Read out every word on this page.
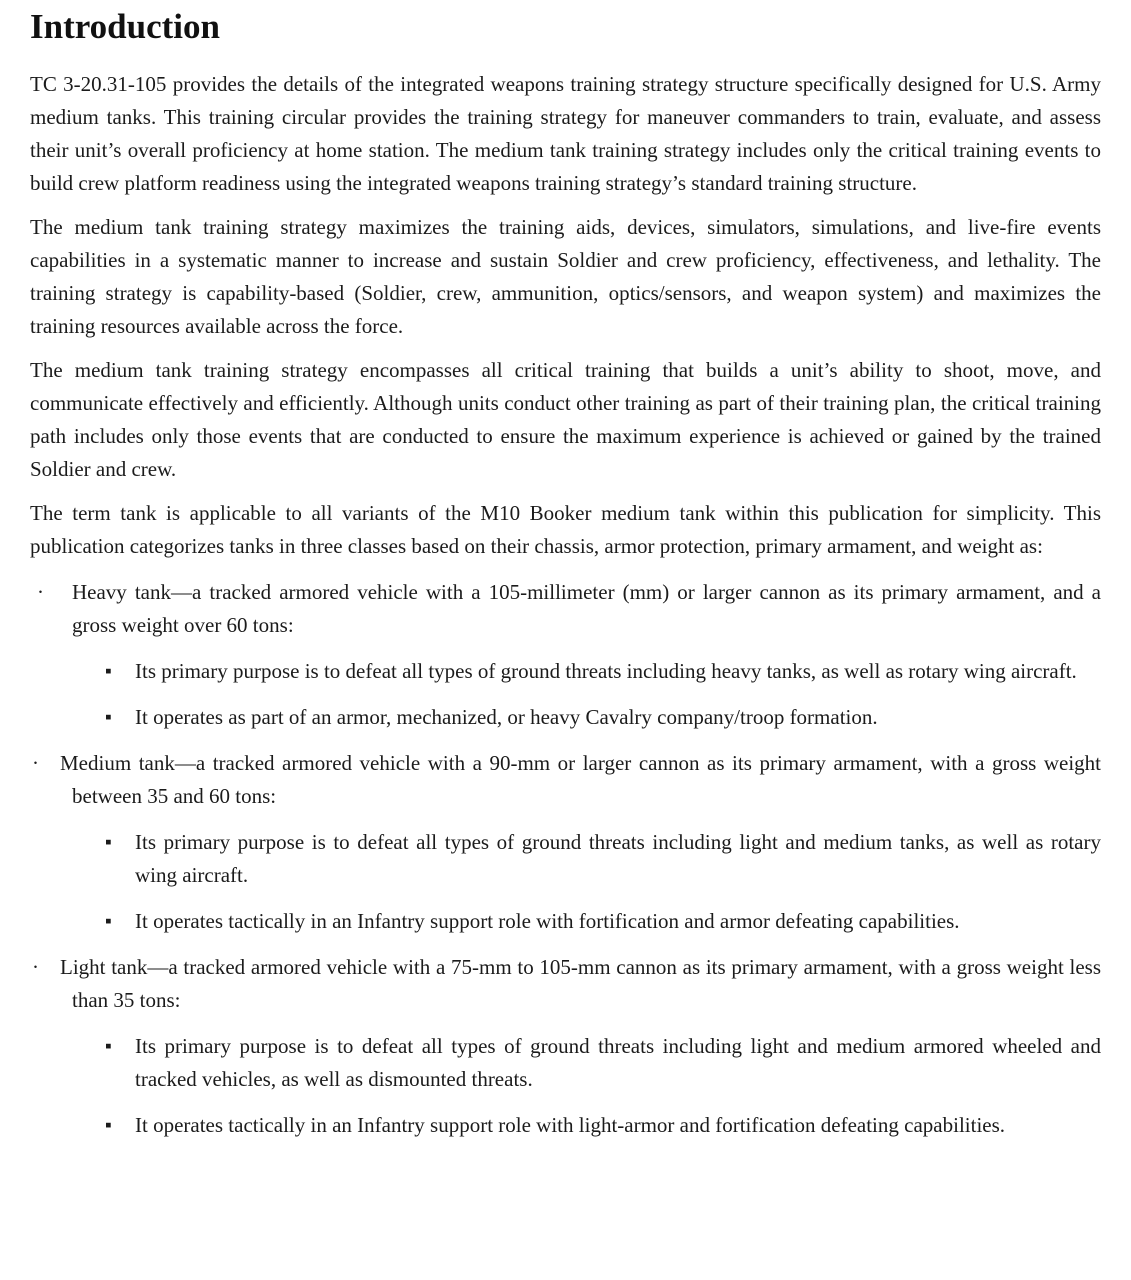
Introduction

TC 3-20.31-105 provides the details of the integrated weapons training strategy structure specifically designed for U.S. Army medium tanks. This training circular provides the training strategy for maneuver commanders to train, evaluate, and assess their unit’s overall proficiency at home station. The medium tank training strategy includes only the critical training events to build crew platform readiness using the integrated weapons training strategy’s standard training structure.

The medium tank training strategy maximizes the training aids, devices, simulators, simulations, and live-fire events capabilities in a systematic manner to increase and sustain Soldier and crew proficiency, effectiveness, and lethality. The training strategy is capability-based (Soldier, crew, ammunition, optics/sensors, and weapon system) and maximizes the training resources available across the force.

The medium tank training strategy encompasses all critical training that builds a unit’s ability to shoot, move, and communicate effectively and efficiently. Although units conduct other training as part of their training plan, the critical training path includes only those events that are conducted to ensure the maximum experience is achieved or gained by the trained Soldier and crew.

The term tank is applicable to all variants of the M10 Booker medium tank within this publication for simplicity. This publication categorizes tanks in three classes based on their chassis, armor protection, primary armament, and weight as:

·	Heavy tank—a tracked armored vehicle with a 105-millimeter (mm) or larger cannon as its primary armament, and a gross weight over 60 tons:
▪	Its primary purpose is to defeat all types of ground threats including heavy tanks, as well as rotary wing aircraft.
▪	It operates as part of an armor, mechanized, or heavy Cavalry company/troop formation.
·	Medium tank—a tracked armored vehicle with a 90-mm or larger cannon as its primary armament, with a gross weight between 35 and 60 tons:
▪	Its primary purpose is to defeat all types of ground threats including light and medium tanks, as well as rotary wing aircraft.
▪	It operates tactically in an Infantry support role with fortification and armor defeating capabilities.
·	Light tank—a tracked armored vehicle with a 75-mm to 105-mm cannon as its primary armament, with a gross weight less than 35 tons:
▪	Its primary purpose is to defeat all types of ground threats including light and medium armored wheeled and tracked vehicles, as well as dismounted threats.
▪	It operates tactically in an Infantry support role with light-armor and fortification defeating capabilities.
